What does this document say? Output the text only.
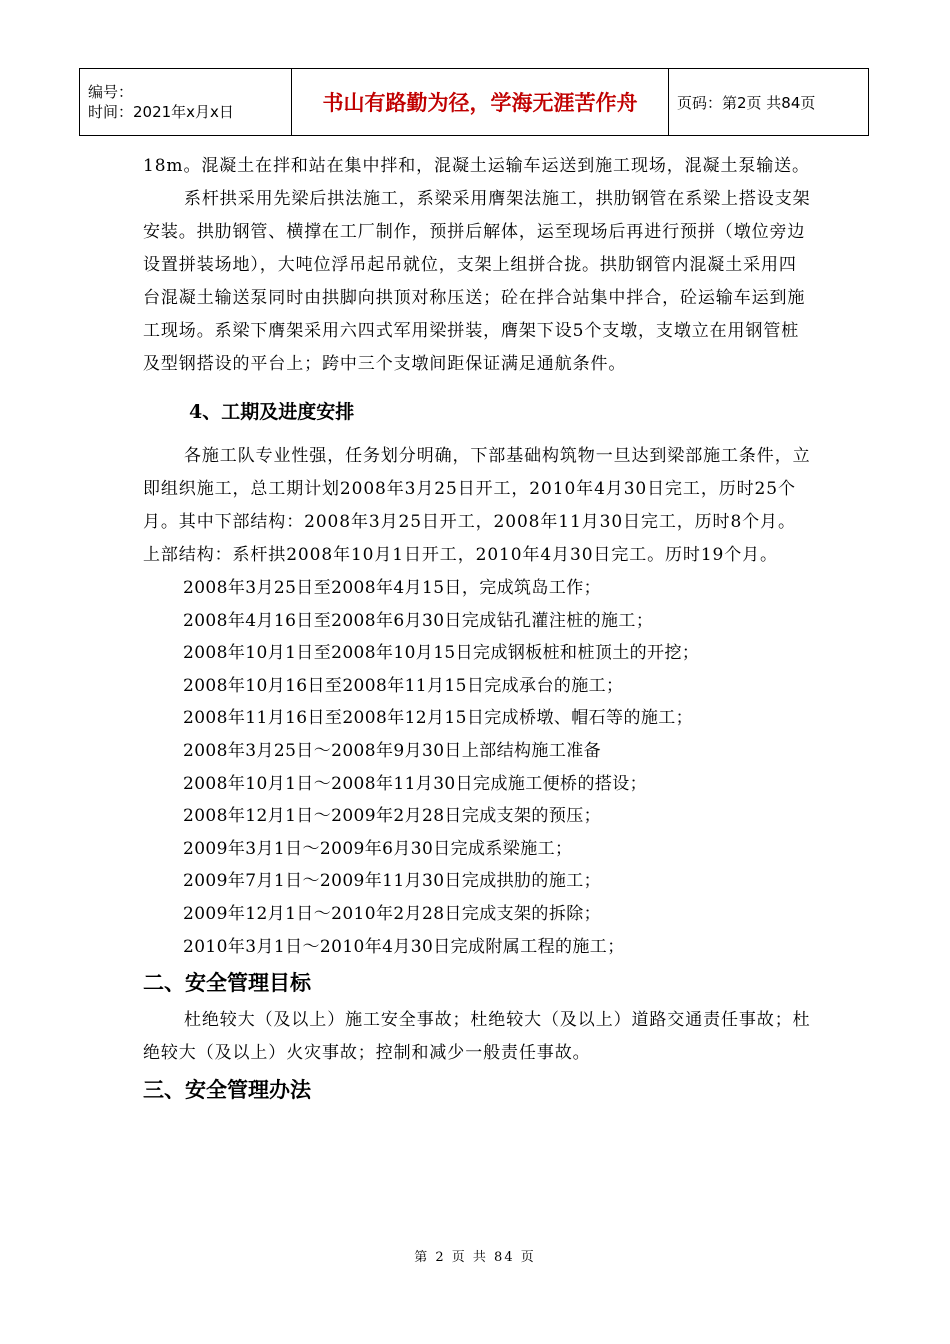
编号：
时间：2021年x月x日	书山有路勤为径，学海无涯苦作舟	页码：第2页 共84页

18m。混凝土在拌和站在集中拌和，混凝土运输车运送到施工现场，混凝土泵输送。

系杆拱采用先梁后拱法施工，系梁采用膺架法施工，拱肋钢管在系梁上搭设支架安装。拱肋钢管、横撑在工厂制作，预拼后解体，运至现场后再进行预拼（墩位旁边设置拼装场地），大吨位浮吊起吊就位，支架上组拼合拢。拱肋钢管内混凝土采用四台混凝土输送泵同时由拱脚向拱顶对称压送；砼在拌合站集中拌合，砼运输车运到施工现场。系梁下膺架采用六四式军用梁拼装，膺架下设5个支墩，支墩立在用钢管桩及型钢搭设的平台上；跨中三个支墩间距保证满足通航条件。

4、工期及进度安排

各施工队专业性强，任务划分明确，下部基础构筑物一旦达到梁部施工条件，立即组织施工，总工期计划2008年3月25日开工，2010年4月30日完工，历时25个月。其中下部结构：2008年3月25日开工，2008年11月30日完工，历时8个月。上部结构：系杆拱2008年10月1日开工，2010年4月30日完工。历时19个月。

2008年3月25日至2008年4月15日，完成筑岛工作；
2008年4月16日至2008年6月30日完成钻孔灌注桩的施工；
2008年10月1日至2008年10月15日完成钢板桩和桩顶土的开挖；
2008年10月16日至2008年11月15日完成承台的施工；
2008年11月16日至2008年12月15日完成桥墩、帽石等的施工；
2008年3月25日～2008年9月30日上部结构施工准备
2008年10月1日～2008年11月30日完成施工便桥的搭设；
2008年12月1日～2009年2月28日完成支架的预压；
2009年3月1日～2009年6月30日完成系梁施工；
2009年7月1日～2009年11月30日完成拱肋的施工；
2009年12月1日～2010年2月28日完成支架的拆除；
2010年3月1日～2010年4月30日完成附属工程的施工；
二、安全管理目标

杜绝较大（及以上）施工安全事故；杜绝较大（及以上）道路交通责任事故；杜绝较大（及以上）火灾事故；控制和减少一般责任事故。

三、安全管理办法
第 2 页 共 84 页
